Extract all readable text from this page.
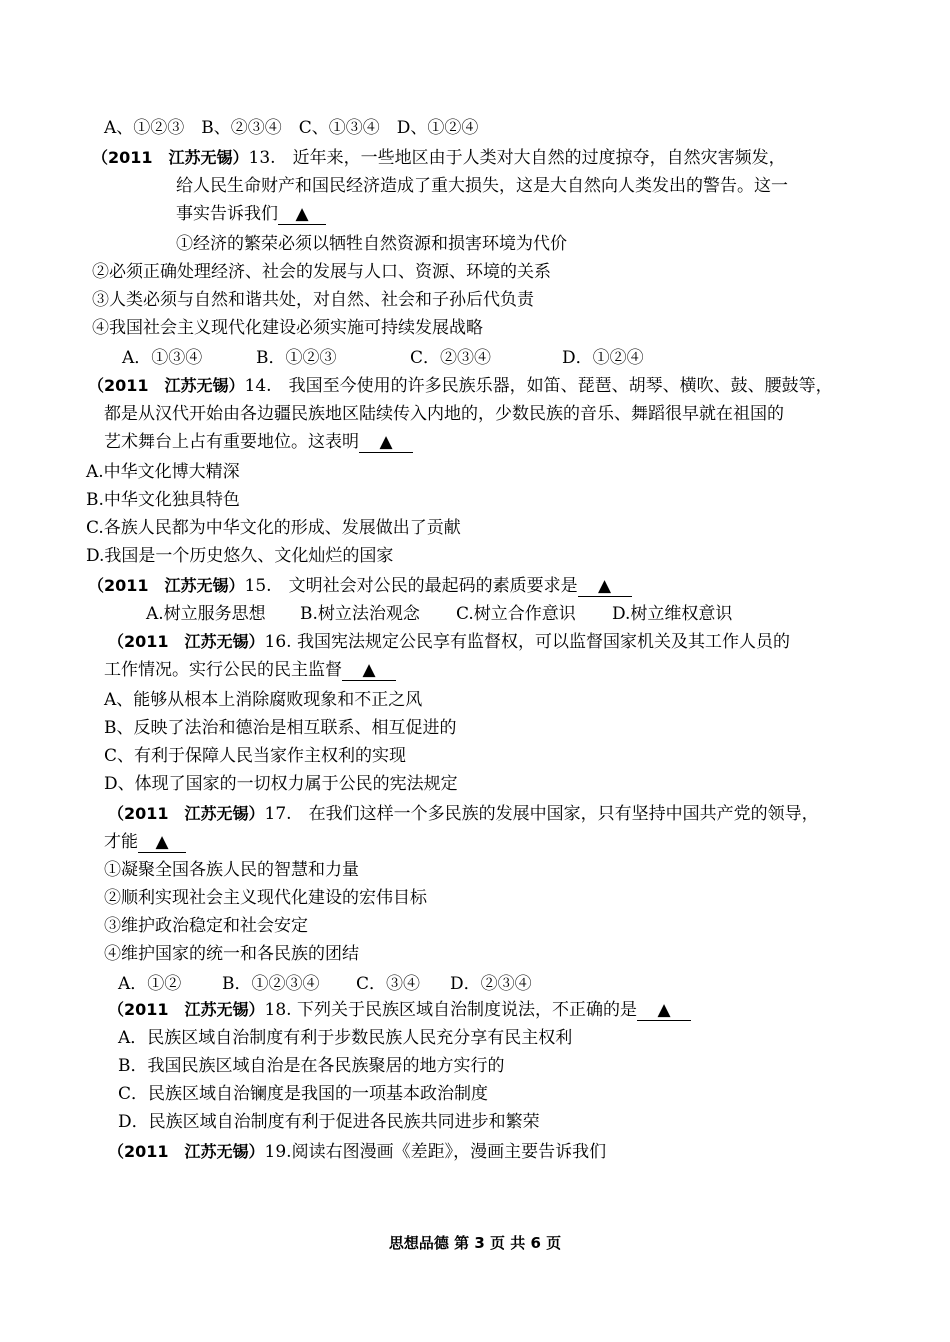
A、①②③　B、②③④　C、①③④　D、①②④
（2011　江苏无锡）13.　近年来，一些地区由于人类对大自然的过度掠夺，自然灾害频发，
给人民生命财产和国民经济造成了重大损失，这是大自然向人类发出的警告。这一
事实告诉我们 ▲
①经济的繁荣必须以牺牲自然资源和损害环境为代价
②必须正确处理经济、社会的发展与人口、资源、环境的关系
③人类必须与自然和谐共处，对自然、社会和子孙后代负责
④我国社会主义现代化建设必须实施可持续发展战略
A．①③④	B．①②③	C．②③④	D．①②④
（2011　江苏无锡）14.　我国至今使用的许多民族乐器，如笛、琵琶、胡琴、横吹、鼓、腰鼓等，
都是从汉代开始由各边疆民族地区陆续传入内地的，少数民族的音乐、舞蹈很早就在祖国的
艺术舞台上占有重要地位。这表明 ▲
A.中华文化博大精深
B.中华文化独具特色
C.各族人民都为中华文化的形成、发展做出了贡献
D.我国是一个历史悠久、文化灿烂的国家
（2011　江苏无锡）15.　文明社会对公民的最起码的素质要求是 ▲
A.树立服务思想 B.树立法治观念 C.树立合作意识 D.树立维权意识
（2011　江苏无锡）16. 我国宪法规定公民享有监督权，可以监督国家机关及其工作人员的
工作情况。实行公民的民主监督 ▲
A、能够从根本上消除腐败现象和不正之风
B、反映了法治和德治是相互联系、相互促进的
C、有利于保障人民当家作主权利的实现
D、体现了国家的一切权力属于公民的宪法规定
（2011　江苏无锡）17.　在我们这样一个多民族的发展中国家，只有坚持中国共产党的领导，
才能 ▲
①凝聚全国各族人民的智慧和力量
②顺利实现社会主义现代化建设的宏伟目标
③维护政治稳定和社会安定
④维护国家的统一和各民族的团结
A．①② B．①②③④ C．③④ D．②③④
（2011　江苏无锡）18. 下列关于民族区域自治制度说法，不正确的是 ▲
A．民族区域自治制度有利于步数民族人民充分享有民主权利
B．我国民族区域自治是在各民族聚居的地方实行的
C．民族区域自治镧度是我国的一项基本政治制度
D．民族区域自治制度有利于促进各民族共同进步和繁荣
（2011　江苏无锡）19.阅读右图漫画《差距》，漫画主要告诉我们
思想品德 第 3 页 共 6 页
